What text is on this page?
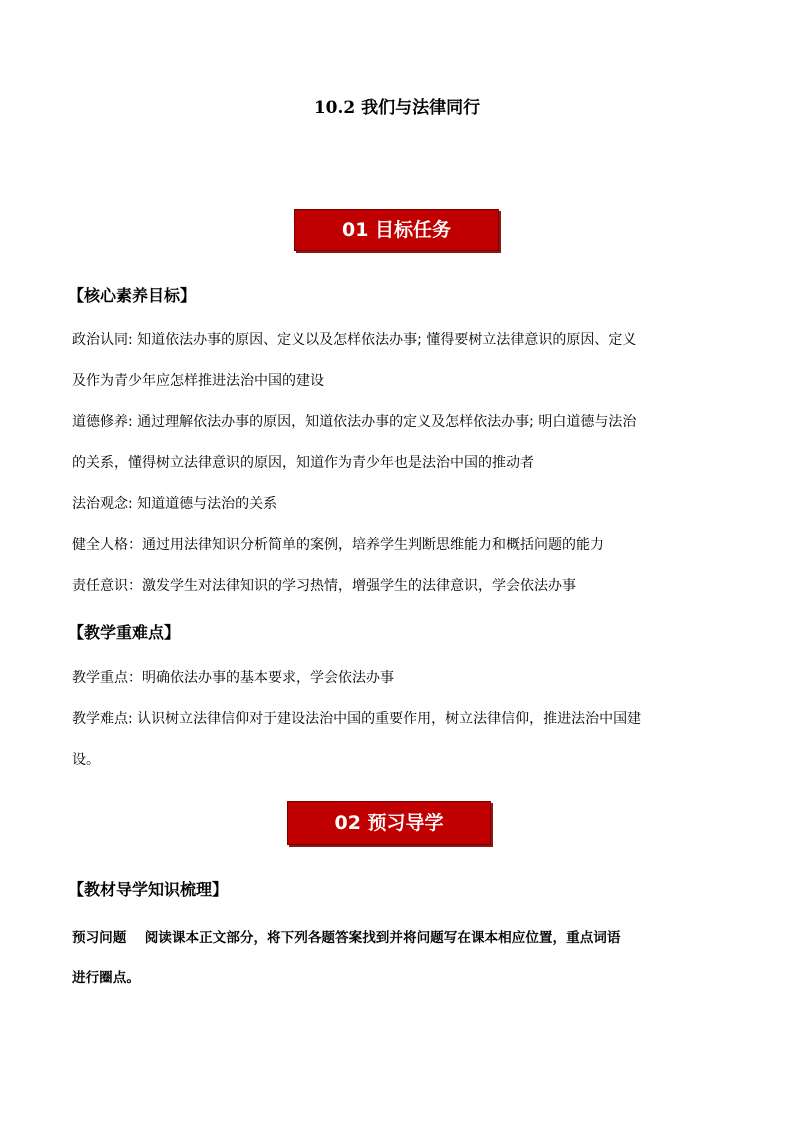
10.2 我们与法律同行
01 目标任务
【核心素养目标】
政治认同: 知道依法办事的原因、定义以及怎样依法办事; 懂得要树立法律意识的原因、定义
及作为青少年应怎样推进法治中国的建设
道德修养: 通过理解依法办事的原因，知道依法办事的定义及怎样依法办事; 明白道德与法治
的关系，懂得树立法律意识的原因，知道作为青少年也是法治中国的推动者
法治观念: 知道道德与法治的关系
健全人格：通过用法律知识分析简单的案例，培养学生判断思维能力和概括问题的能力
责任意识：激发学生对法律知识的学习热情，增强学生的法律意识，学会依法办事
【教学重难点】
教学重点：明确依法办事的基本要求，学会依法办事
教学难点: 认识树立法律信仰对于建设法治中国的重要作用，树立法律信仰，推进法治中国建
设。
02 预习导学
【教材导学知识梳理】
预习问题　 阅读课本正文部分，将下列各题答案找到并将问题写在课本相应位置，重点词语
进行圈点。
